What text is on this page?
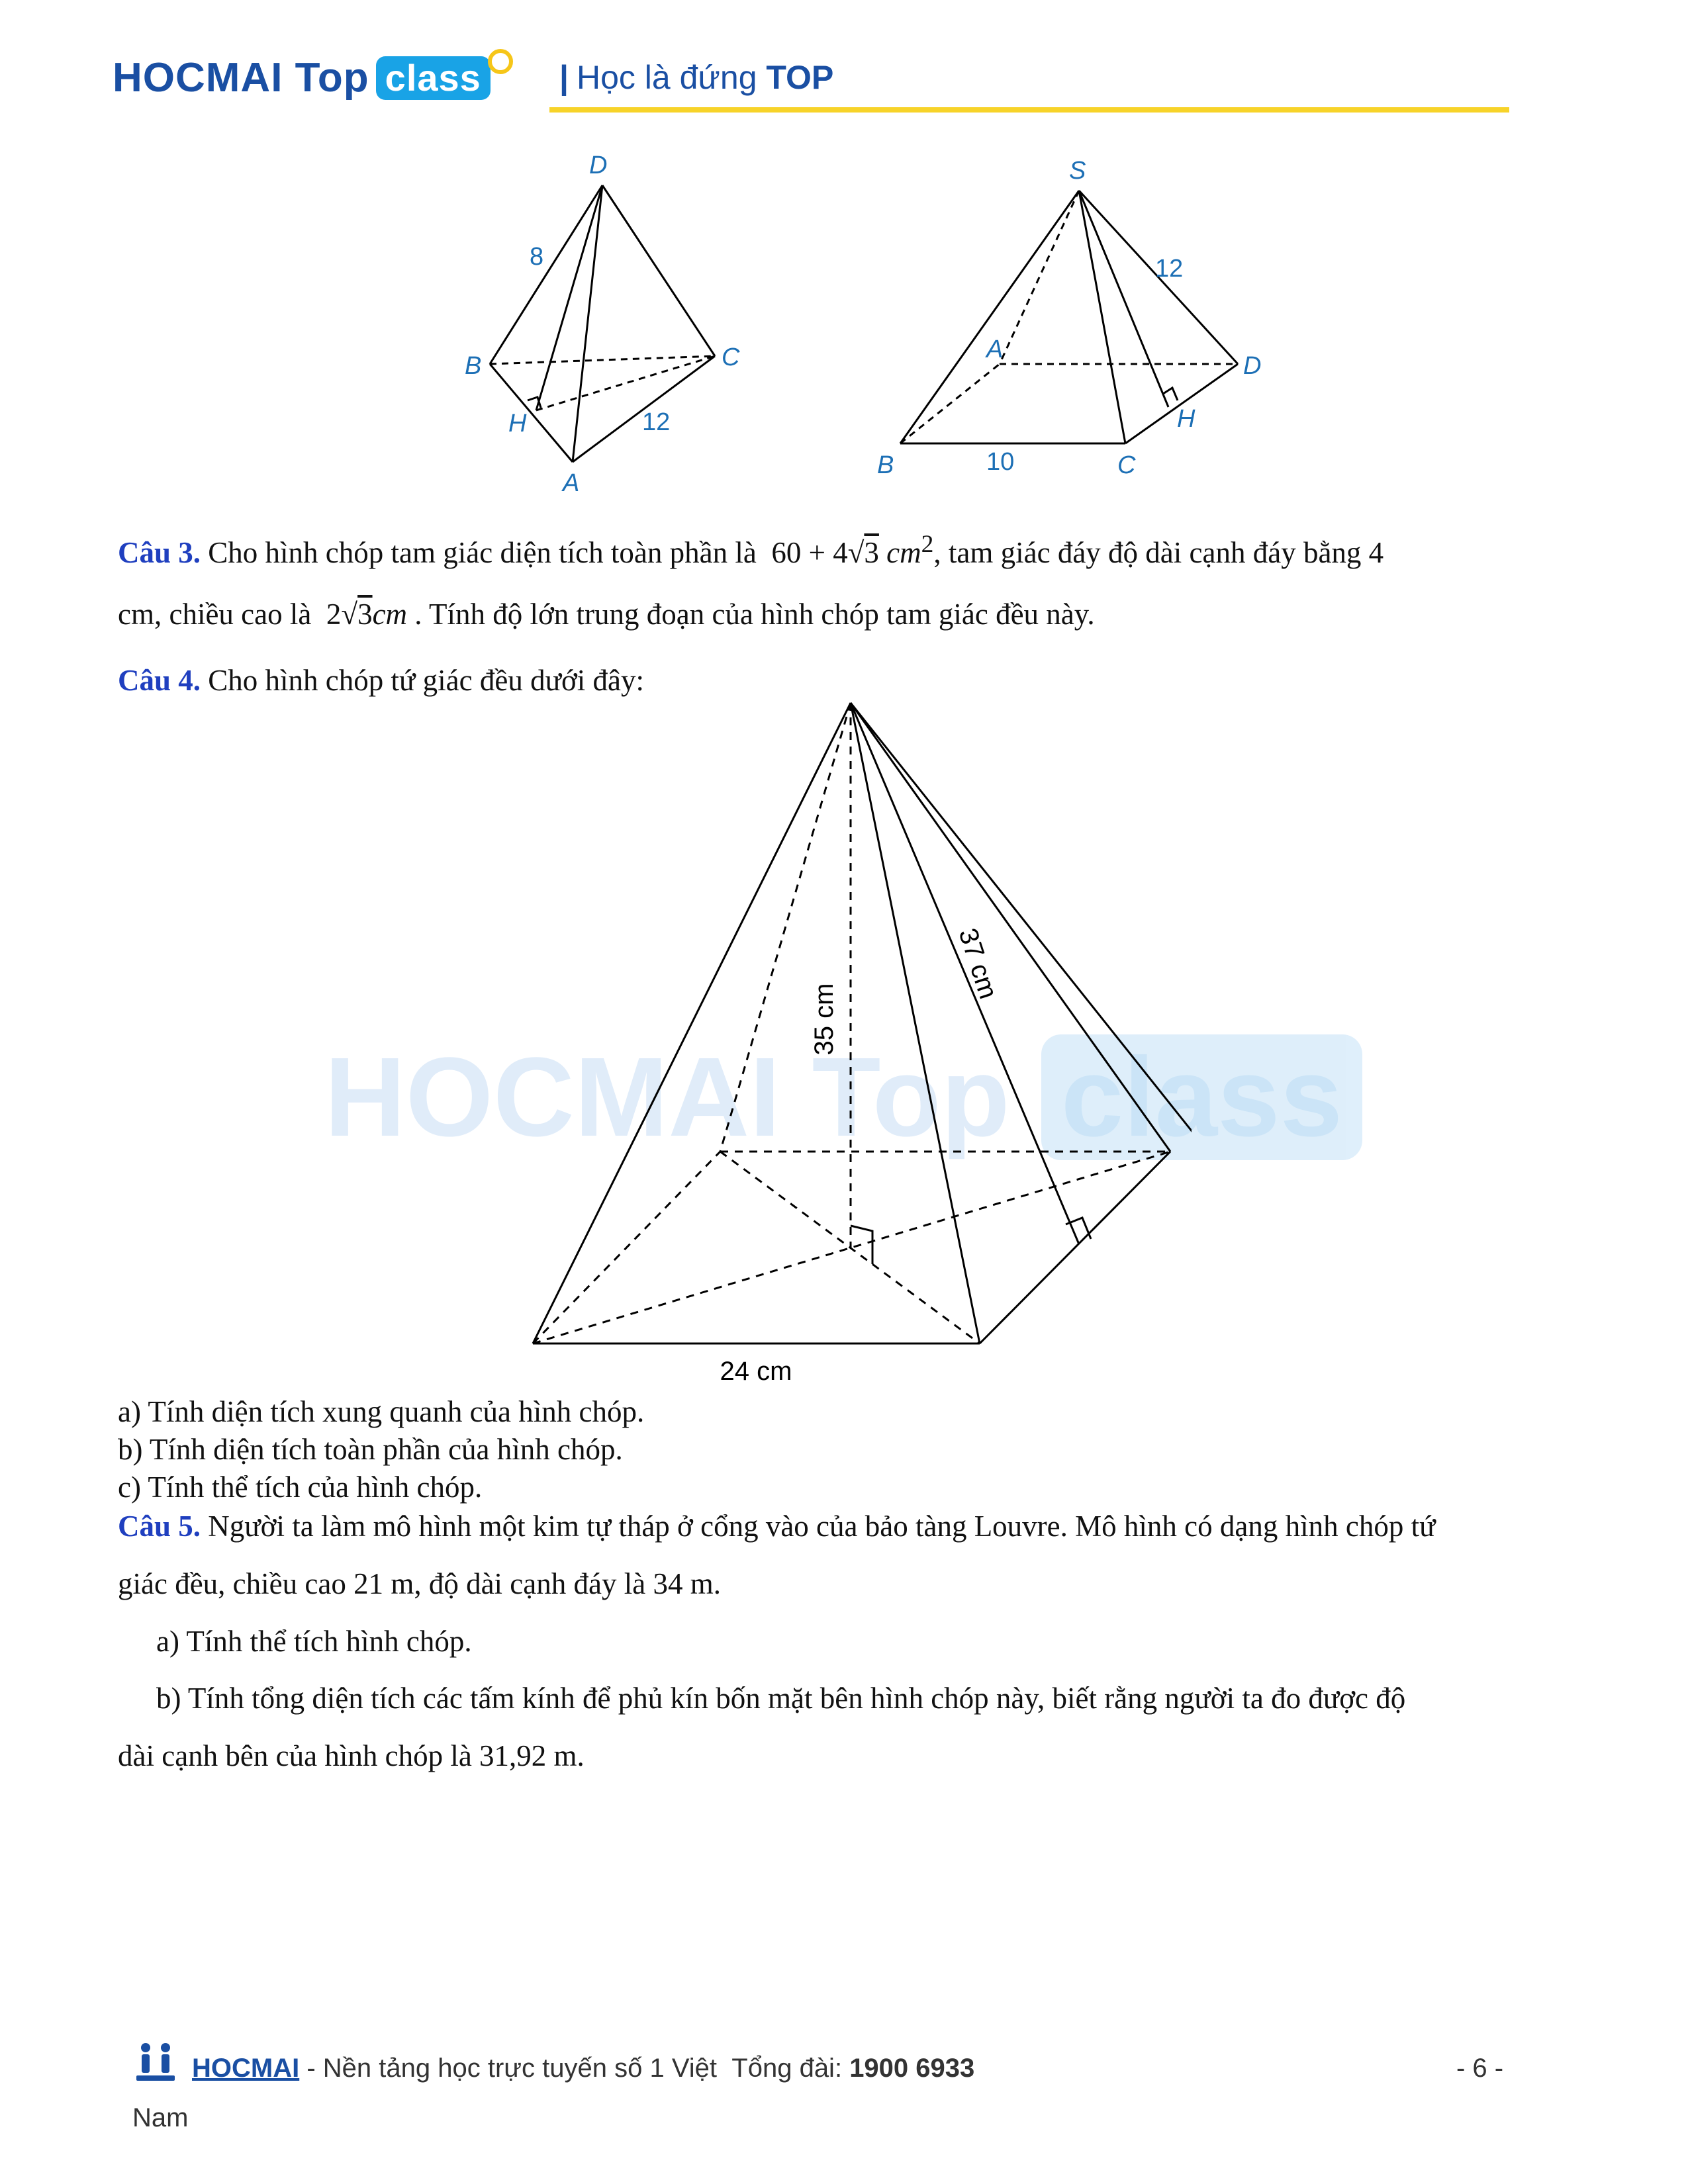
HOCMAI Top class | Học là đứng TOP
HOCMAI Top class
D
B	C
H
A
8
12
S
A
D
H
B	C
12
10
Câu 3. Cho hình chóp tam giác diện tích toàn phần là 60 + 4√3 $cm^2$, tam giác đáy độ dài cạnh đáy bằng 4
cm, chiều cao là 2√3cm . Tính độ lớn trung đoạn của hình chóp tam giác đều này.
Câu 4. Cho hình chóp tứ giác đều dưới đây:
35 cm
37 cm
24 cm
a) Tính diện tích xung quanh của hình chóp.
b) Tính diện tích toàn phần của hình chóp.
c) Tính thể tích của hình chóp.
Câu 5. Người ta làm mô hình một kim tự tháp ở cổng vào của bảo tàng Louvre. Mô hình có dạng hình chóp tứ
giác đều, chiều cao 21 m, độ dài cạnh đáy là 34 m.
a) Tính thể tích hình chóp.
b) Tính tổng diện tích các tấm kính để phủ kín bốn mặt bên hình chóp này, biết rằng người ta đo được độ
dài cạnh bên của hình chóp là 31,92 m.
HOCMAI - Nền tảng học trực tuyến số 1 Việt Tổng đài: 1900 6933	- 6 -
Nam
